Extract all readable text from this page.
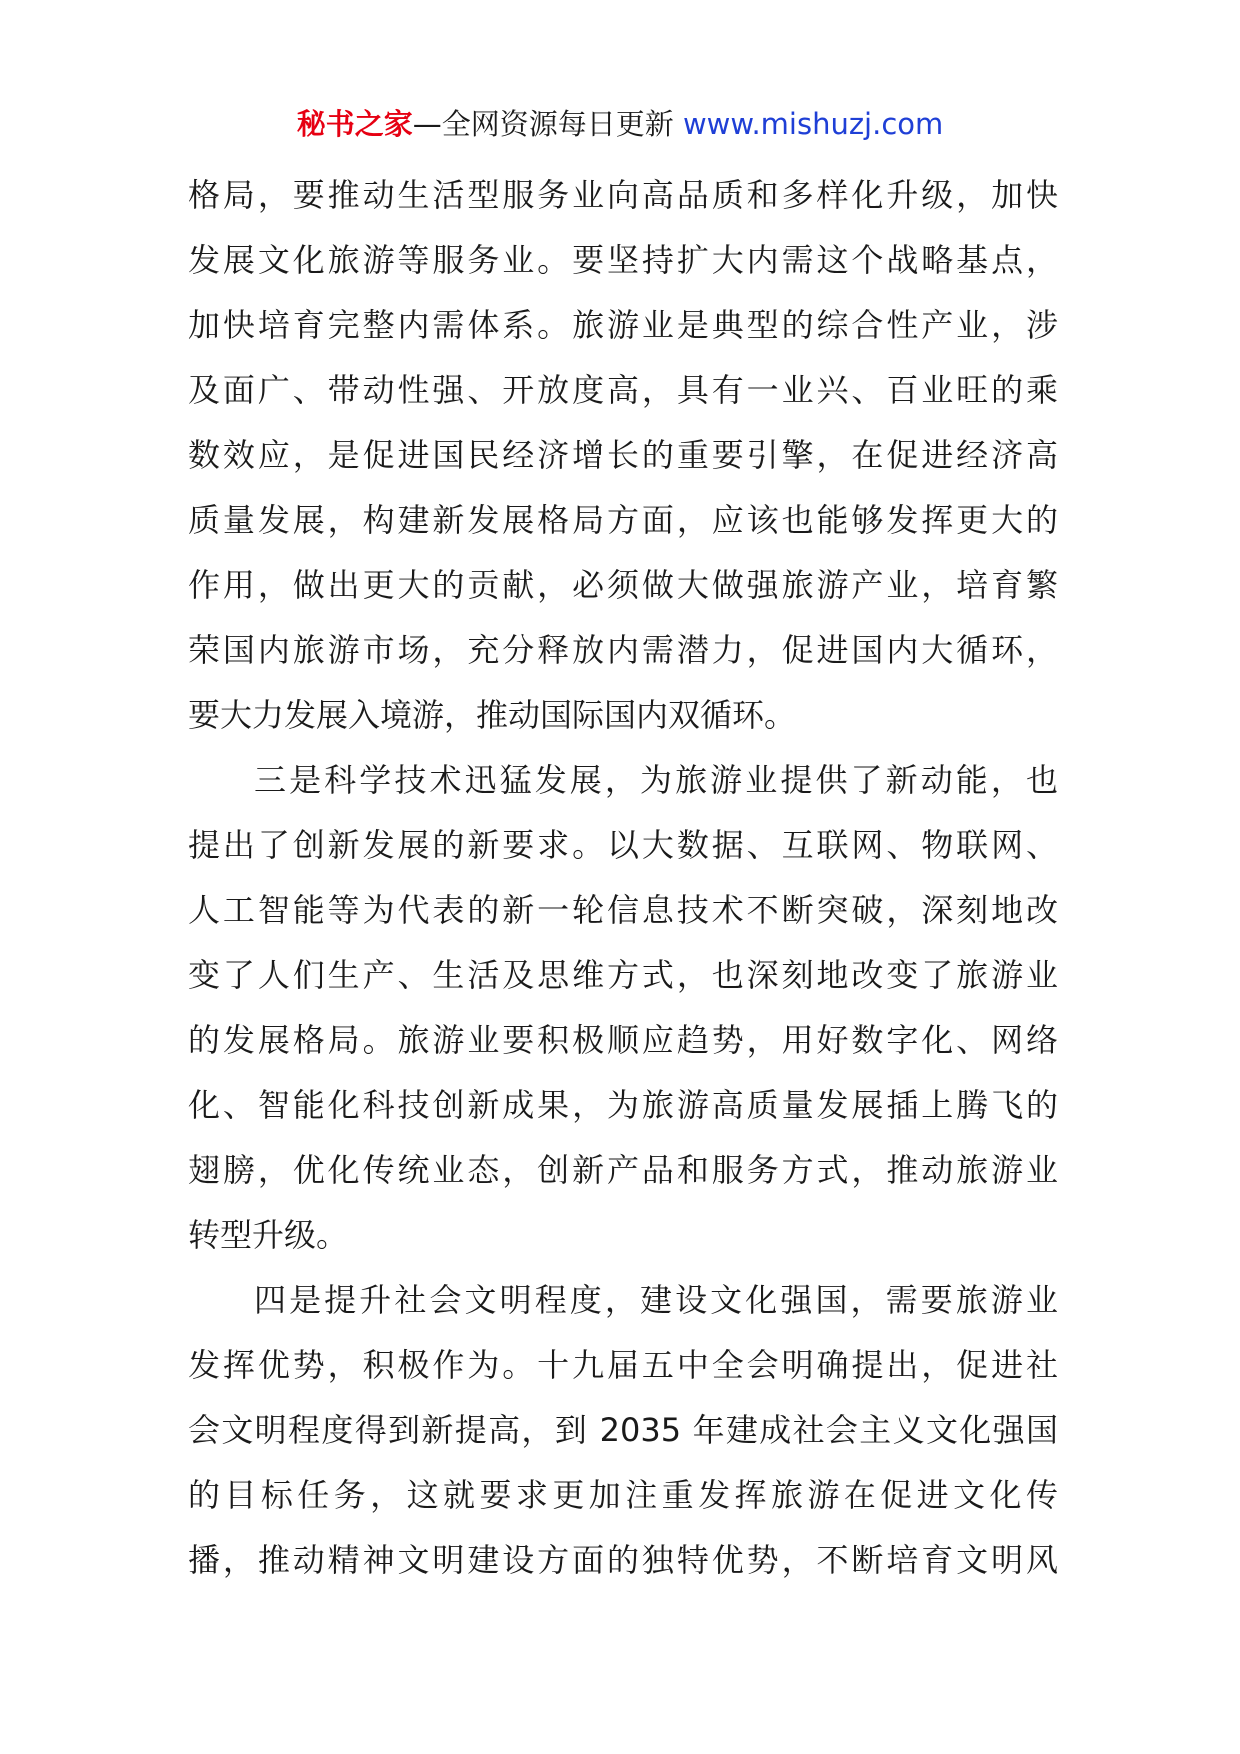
秘书之家—全网资源每日更新 www.mishuzj.com
格局，要推动生活型服务业向高品质和多样化升级，加快
发展文化旅游等服务业。要坚持扩大内需这个战略基点，
加快培育完整内需体系。旅游业是典型的综合性产业，涉
及面广、带动性强、开放度高，具有一业兴、百业旺的乘
数效应，是促进国民经济增长的重要引擎，在促进经济高
质量发展，构建新发展格局方面，应该也能够发挥更大的
作用，做出更大的贡献，必须做大做强旅游产业，培育繁
荣国内旅游市场，充分释放内需潜力，促进国内大循环，
要大力发展入境游，推动国际国内双循环。
三是科学技术迅猛发展，为旅游业提供了新动能，也
提出了创新发展的新要求。以大数据、互联网、物联网、
人工智能等为代表的新一轮信息技术不断突破，深刻地改
变了人们生产、生活及思维方式，也深刻地改变了旅游业
的发展格局。旅游业要积极顺应趋势，用好数字化、网络
化、智能化科技创新成果，为旅游高质量发展插上腾飞的
翅膀，优化传统业态，创新产品和服务方式，推动旅游业
转型升级。
四是提升社会文明程度，建设文化强国，需要旅游业
发挥优势，积极作为。十九届五中全会明确提出，促进社
会文明程度得到新提高，到 2035 年建成社会主义文化强国
的目标任务，这就要求更加注重发挥旅游在促进文化传
播，推动精神文明建设方面的独特优势，不断培育文明风
